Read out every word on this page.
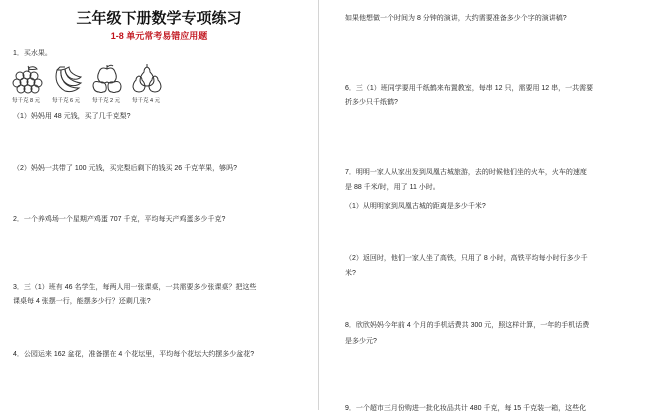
三年级下册数学专项练习
1-8 单元常考易错应用题
1．买水果。
每千克 8 元 每千克 6 元 每千克 2 元 每千克 4 元
（1）妈妈用 48 元钱，买了几千克梨?
（2）妈妈一共带了 100 元钱，买完梨后剩下的钱买 26 千克苹果，够吗?
2．一个养鸡场一个星期产鸡蛋 707 千克，平均每天产鸡蛋多少千克?
3．三（1）班有 46 名学生，每两人用一张课桌，一共需要多少张课桌？把这些
课桌每 4 张摆一行，能摆多少行？还剩几张?
4．公园运来 162 盆花，准备摆在 4 个花坛里，平均每个花坛大约摆多少盆花?
如果他想做一个时间为 8 分钟的演讲，大约需要准备多少个字的演讲稿?
6．三（1）班同学要用千纸鹤来布置教室，每串 12 只，需要用 12 串，一共需要
折多少只千纸鹤?
7．明明一家人从家出发到凤凰古城旅游，去的时候他们坐的火车，火车的速度
是 88 千米/时，用了 11 小时。
（1）从明明家到凤凰古城的距离是多少千米?
（2）返回时，他们一家人坐了高铁，只用了 8 小时，高铁平均每小时行多少千
米?
8．欣欣妈妈今年前 4 个月的手机话费共 300 元，照这样计算，一年的手机话费
是多少元?
9．一个超市三月份购进一批化妆品共计 480 千克，每 15 千克装一箱，这些化
